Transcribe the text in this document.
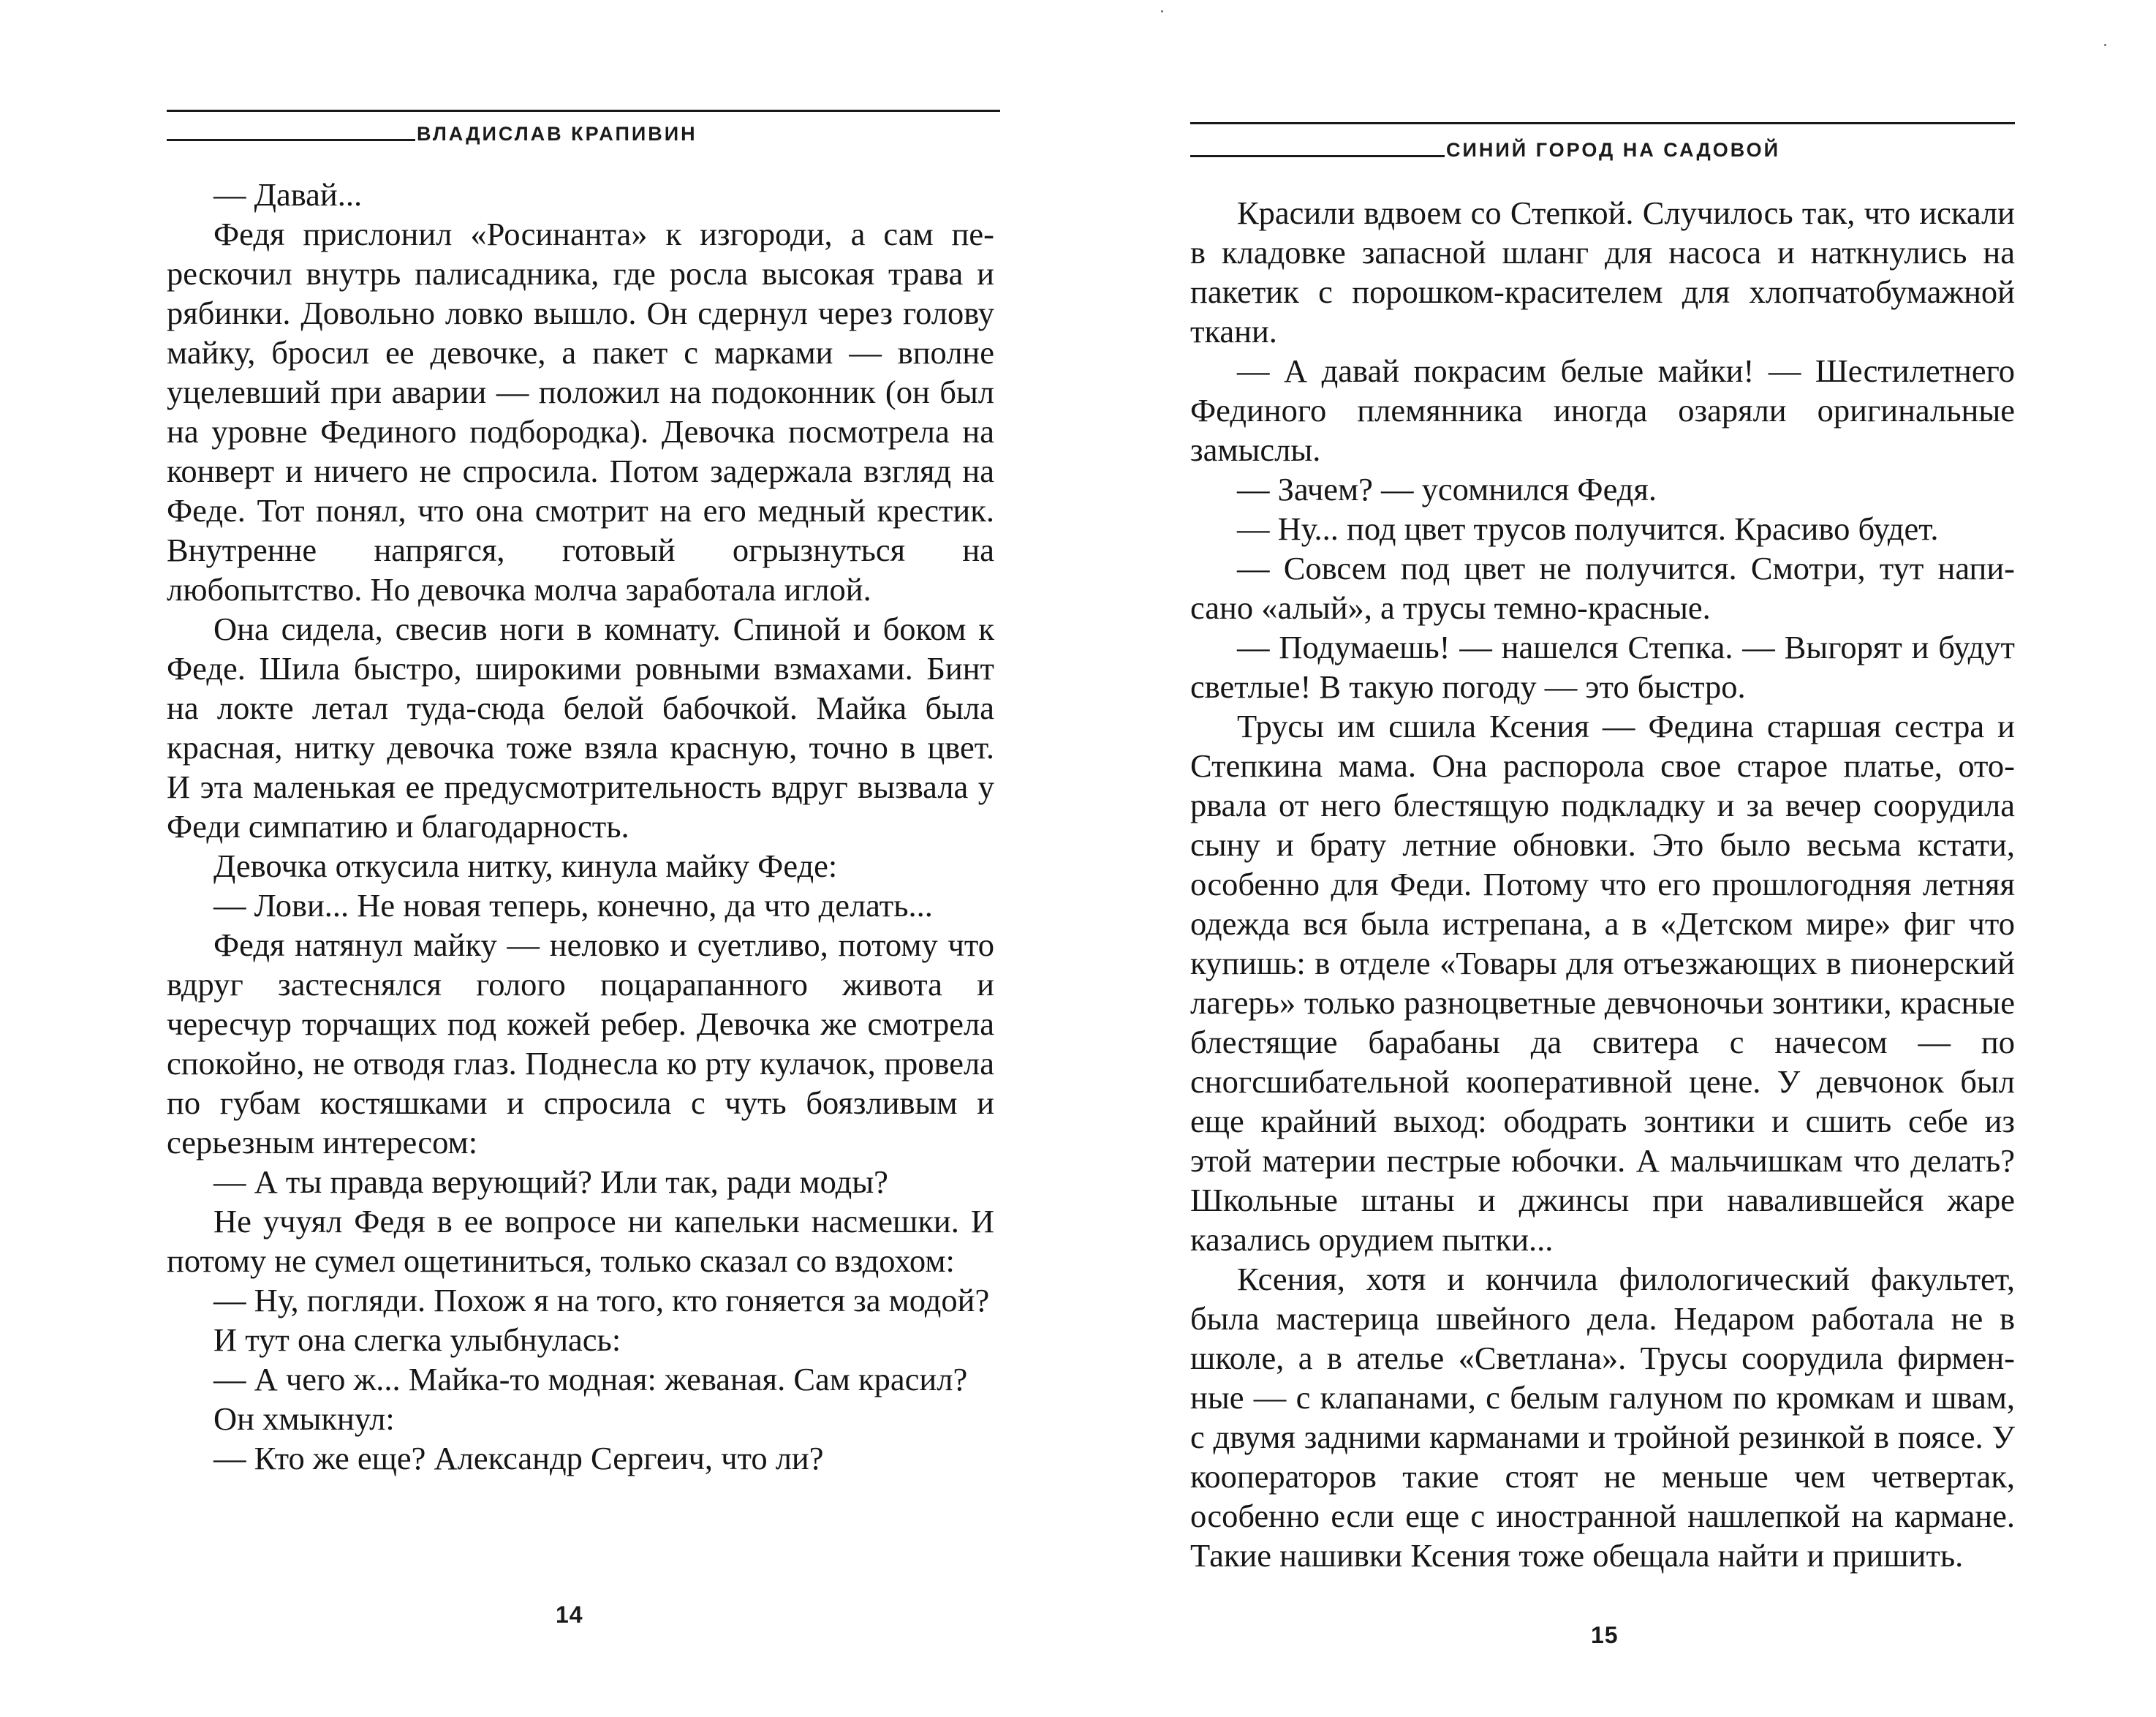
ВЛАДИСЛАВ КРАПИВИН

— Давай...

Федя прислонил «Росинанта» к изгороди, а сам перескочил внутрь палисадника, где росла высокая трава и рябинки. Довольно ловко вышло. Он сдернул через голову майку, бросил ее девочке, а пакет с марками — вполне уцелевший при аварии — положил на подоконник (он был на уровне Фединого подбородка). Девочка посмотрела на конверт и ничего не спросила. Потом задержала взгляд на Феде. Тот понял, что она смотрит на его медный крестик. Внутренне напрягся, готовый огрызнуться на любопытство. Но девочка молча заработала иглой.

Она сидела, свесив ноги в комнату. Спиной и боком к Феде. Шила быстро, широкими ровными взмахами. Бинт на локте летал туда-сюда белой бабочкой. Майка была красная, нитку девочка тоже взяла красную, точно в цвет. И эта маленькая ее предусмотрительность вдруг вызвала у Феди симпатию и благодарность.

Девочка откусила нитку, кинула майку Феде:

— Лови... Не новая теперь, конечно, да что делать...

Федя натянул майку — неловко и суетливо, потому что вдруг застеснялся голого поцарапанного живота и чересчур торчащих под кожей ребер. Девочка же смотрела спокойно, не отводя глаз. Поднесла ко рту кулачок, провела по губам костяшками и спросила с чуть боязливым и серьезным интересом:

— А ты правда верующий? Или так, ради моды?

Не учуял Федя в ее вопросе ни капельки насмешки. И потому не сумел ощетиниться, только сказал со вздохом:

— Ну, погляди. Похож я на того, кто гоняется за модой?

И тут она слегка улыбнулась:

— А чего ж... Майка-то модная: жеваная. Сам красил?

Он хмыкнул:

— Кто же еще? Александр Сергеич, что ли?

14
СИНИЙ ГОРОД НА САДОВОЙ

Красили вдвоем со Степкой. Случилось так, что искали в кладовке запасной шланг для насоса и наткнулись на пакетик с порошком-красителем для хлопчатобумажной ткани.

— А давай покрасим белые майки! — Шестилетнего Фединого племянника иногда озаряли оригинальные замыслы.

— Зачем? — усомнился Федя.

— Ну... под цвет трусов получится. Красиво будет.

— Совсем под цвет не получится. Смотри, тут написано «алый», а трусы темно-красные.

— Подумаешь! — нашелся Степка. — Выгорят и будут светлые! В такую погоду — это быстро.

Трусы им сшила Ксения — Федина старшая сестра и Степкина мама. Она распорола свое старое платье, оторвала от него блестящую подкладку и за вечер соорудила сыну и брату летние обновки. Это было весьма кстати, особенно для Феди. Потому что его прошлогодняя летняя одежда вся была истрепана, а в «Детском мире» фиг что купишь: в отделе «Товары для отъезжающих в пионерский лагерь» только разноцветные девчоночьи зонтики, красные блестящие барабаны да свитера с начесом — по сногсшибательной кооперативной цене. У девчонок был еще крайний выход: ободрать зонтики и сшить себе из этой материи пестрые юбочки. А мальчишкам что делать? Школьные штаны и джинсы при навалившейся жаре казались орудием пытки...

Ксения, хотя и кончила филологический факультет, была мастерица швейного дела. Недаром работала не в школе, а в ателье «Светлана». Трусы соорудила фирменные — с клапанами, с белым галуном по кромкам и швам, с двумя задними карманами и тройной резинкой в поясе. У кооператоров такие стоят не меньше чем четвертак, особенно если еще с иностранной нашлепкой на кармане. Такие нашивки Ксения тоже обещала найти и пришить.

15
